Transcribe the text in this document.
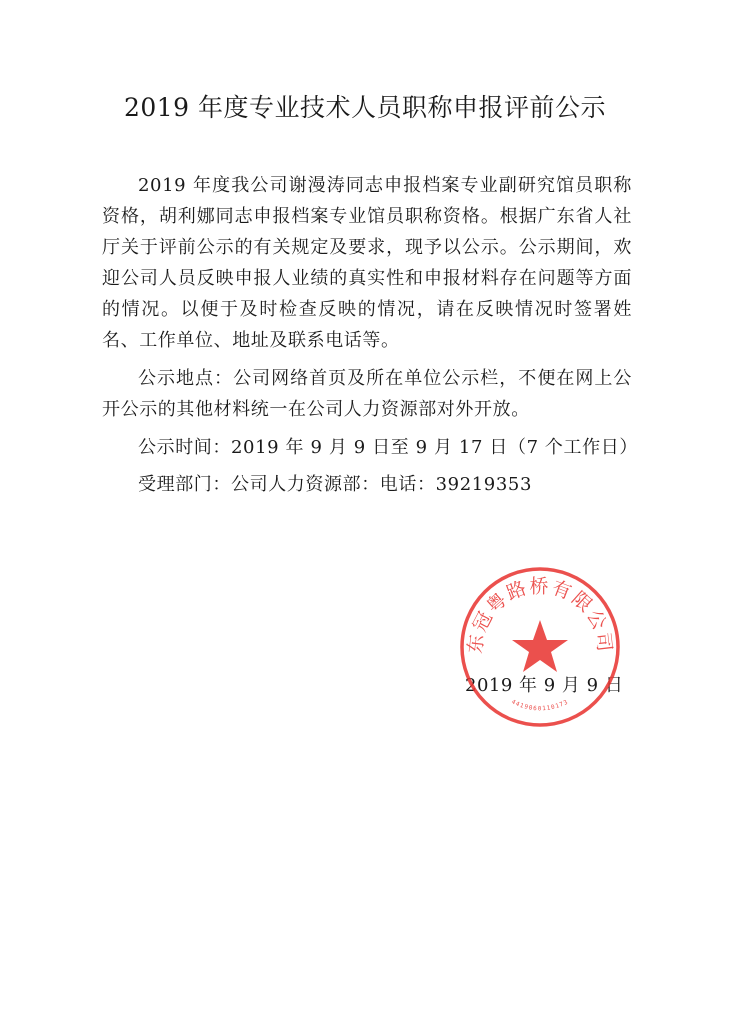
2019 年度专业技术人员职称申报评前公示

2019 年度我公司谢漫涛同志申报档案专业副研究馆员职称资格，胡利娜同志申报档案专业馆员职称资格。根据广东省人社厅关于评前公示的有关规定及要求，现予以公示。公示期间，欢迎公司人员反映申报人业绩的真实性和申报材料存在问题等方面的情况。以便于及时检查反映的情况，请在反映情况时签署姓名、工作单位、地址及联系电话等。

公示地点：公司网络首页及所在单位公示栏，不便在网上公开公示的其他材料统一在公司人力资源部对外开放。

公示时间：2019 年 9 月 9 日至 9 月 17 日（7 个工作日）

受理部门：公司人力资源部：电话：39219353

2019 年 9 月 9 日
东冠粤路桥有限公司
4419060110173
